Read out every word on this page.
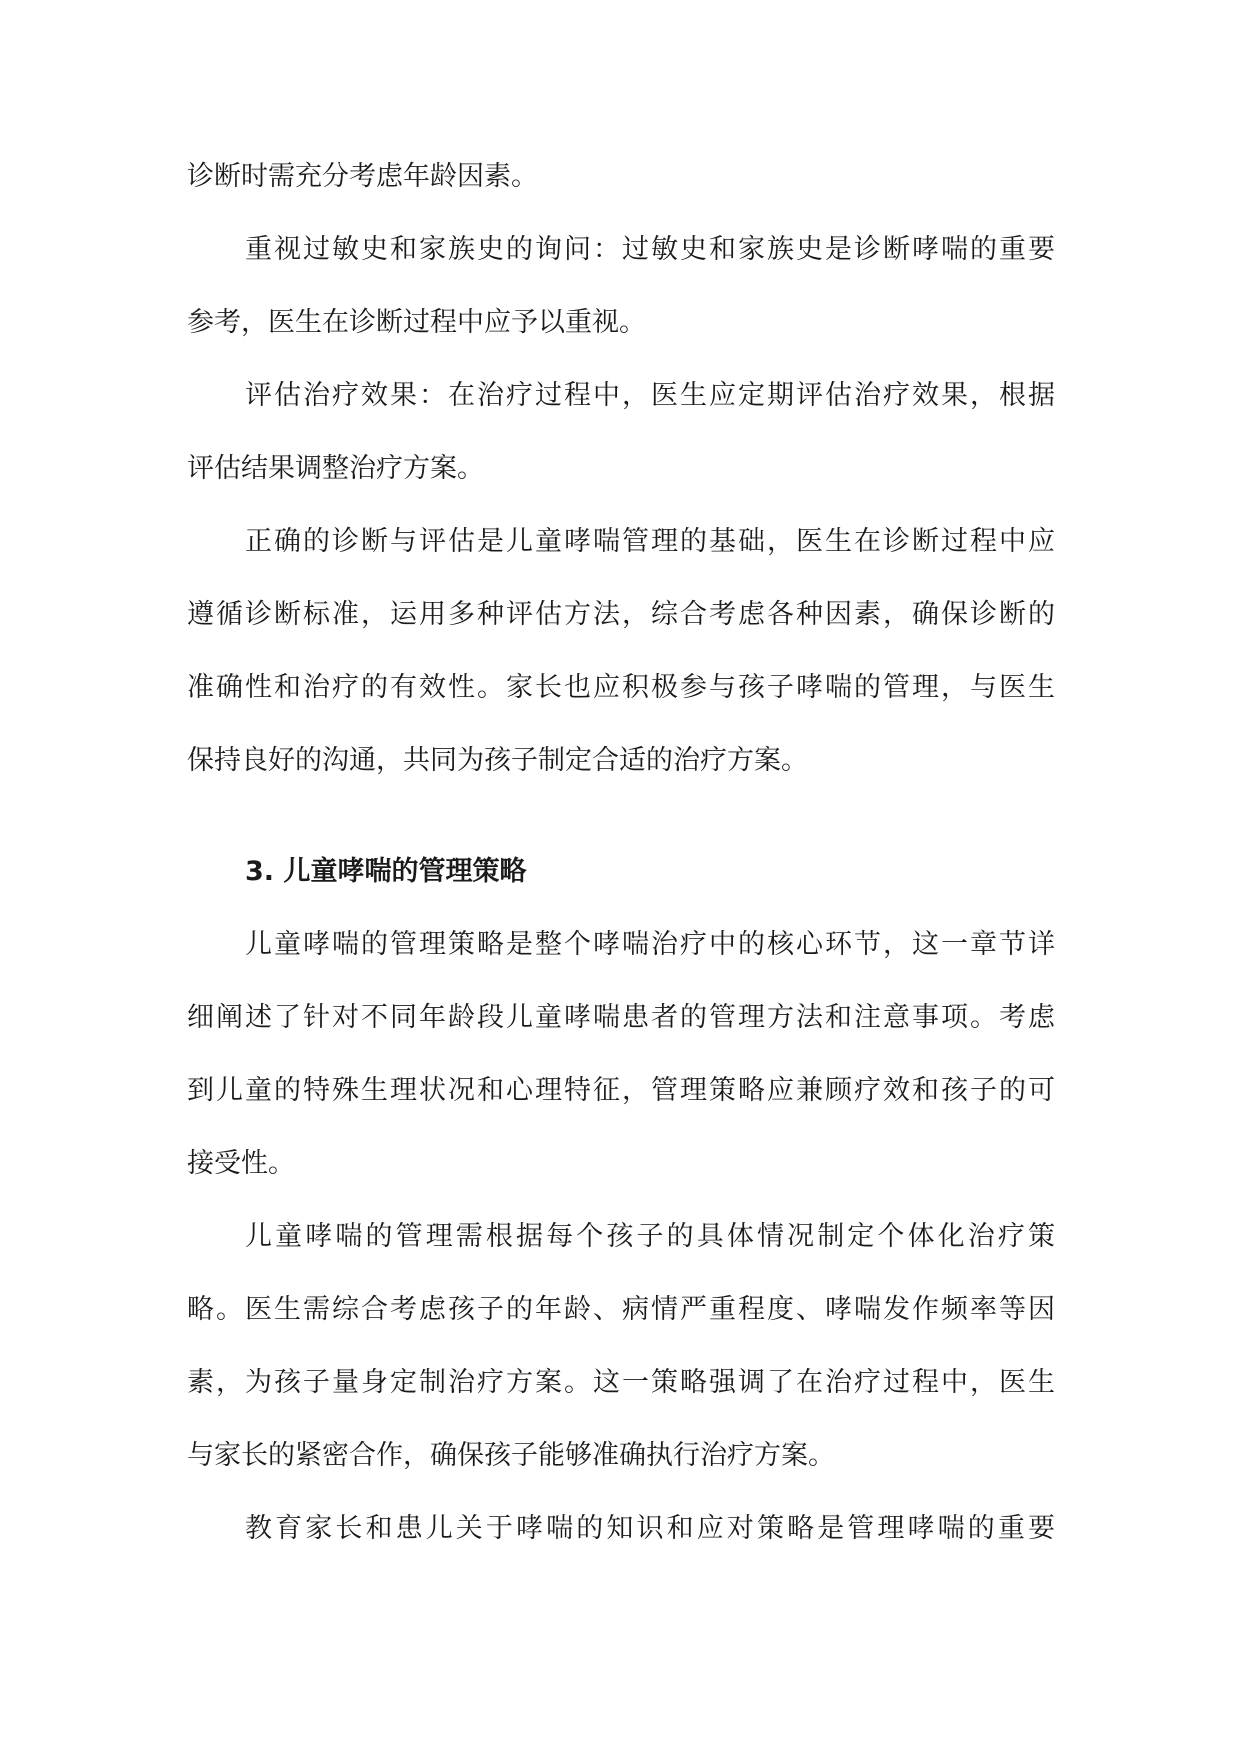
诊断时需充分考虑年龄因素。
重视过敏史和家族史的询问：过敏史和家族史是诊断哮喘的重要
参考，医生在诊断过程中应予以重视。
评估治疗效果：在治疗过程中，医生应定期评估治疗效果，根据
评估结果调整治疗方案。
正确的诊断与评估是儿童哮喘管理的基础，医生在诊断过程中应
遵循诊断标准，运用多种评估方法，综合考虑各种因素，确保诊断的
准确性和治疗的有效性。家长也应积极参与孩子哮喘的管理，与医生
保持良好的沟通，共同为孩子制定合适的治疗方案。
3. 儿童哮喘的管理策略
儿童哮喘的管理策略是整个哮喘治疗中的核心环节，这一章节详
细阐述了针对不同年龄段儿童哮喘患者的管理方法和注意事项。考虑
到儿童的特殊生理状况和心理特征，管理策略应兼顾疗效和孩子的可
接受性。
儿童哮喘的管理需根据每个孩子的具体情况制定个体化治疗策
略。医生需综合考虑孩子的年龄、病情严重程度、哮喘发作频率等因
素，为孩子量身定制治疗方案。这一策略强调了在治疗过程中，医生
与家长的紧密合作，确保孩子能够准确执行治疗方案。
教育家长和患儿关于哮喘的知识和应对策略是管理哮喘的重要
